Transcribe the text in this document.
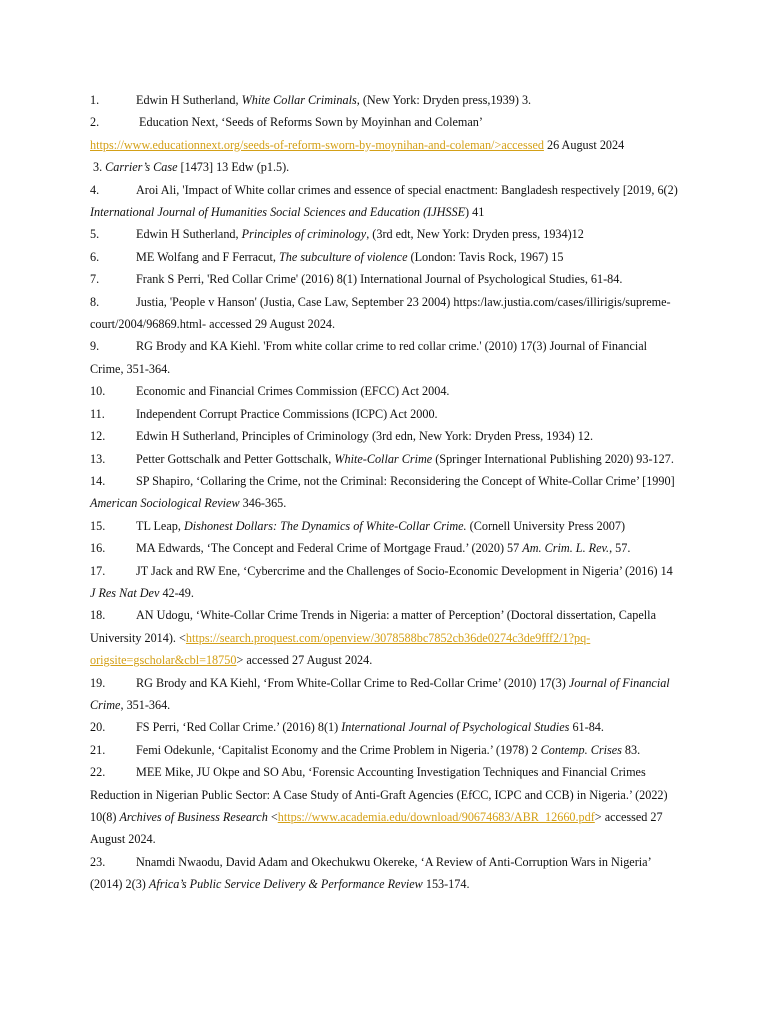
1.	Edwin H Sutherland, White Collar Criminals, (New York: Dryden press,1939) 3.

2.	Education Next, ‘Seeds of Reforms Sown by Moyinhan and Coleman’
https://www.educationnext.org/seeds-of-reform-sworn-by-moynihan-and-coleman/>accessed 26 August 2024

3. Carrier’s Case [1473] 13 Edw (p1.5).

4.	Aroi Ali, 'Impact of White collar crimes and essence of special enactment: Bangladesh respectively [2019, 6(2) International Journal of Humanities Social Sciences and Education (IJHSSE) 41

5.	Edwin H Sutherland, Principles of criminology, (3rd edt, New York: Dryden press, 1934)12

6.	ME Wolfang and F Ferracut, The subculture of violence (London: Tavis Rock, 1967) 15

7.	Frank S Perri, 'Red Collar Crime' (2016) 8(1) International Journal of Psychological Studies, 61-84.

8.	Justia, 'People v Hanson' (Justia, Case Law, September 23 2004) https:/law.justia.com/cases/illirigis/supreme-court/2004/96869.html- accessed 29 August 2024.

9.	RG Brody and KA Kiehl. 'From white collar crime to red collar crime.' (2010) 17(3) Journal of Financial Crime, 351-364.

10.	Economic and Financial Crimes Commission (EFCC) Act 2004.

11.	Independent Corrupt Practice Commissions (ICPC) Act 2000.

12.	Edwin H Sutherland, Principles of Criminology (3rd edn, New York: Dryden Press, 1934) 12.

13.	Petter Gottschalk and Petter Gottschalk, White-Collar Crime (Springer International Publishing 2020) 93-127.

14.	SP Shapiro, ‘Collaring the Crime, not the Criminal: Reconsidering the Concept of White-Collar Crime’ [1990] American Sociological Review 346-365.

15.	TL Leap, Dishonest Dollars: The Dynamics of White-Collar Crime. (Cornell University Press 2007)

16.	MA Edwards, ‘The Concept and Federal Crime of Mortgage Fraud.’ (2020) 57 Am. Crim. L. Rev., 57.

17.	JT Jack and RW Ene, ‘Cybercrime and the Challenges of Socio-Economic Development in Nigeria’ (2016) 14 J Res Nat Dev 42-49.

18.	AN Udogu, ‘White-Collar Crime Trends in Nigeria: a matter of Perception’ (Doctoral dissertation, Capella University 2014). <https://search.proquest.com/openview/3078588bc7852cb36de0274c3de9fff2/1?pq-origsite=gscholar&cbl=18750> accessed 27 August 2024.

19.	RG Brody and KA Kiehl, ‘From White-Collar Crime to Red-Collar Crime’ (2010) 17(3) Journal of Financial Crime, 351-364.

20.	FS Perri, ‘Red Collar Crime.’ (2016) 8(1) International Journal of Psychological Studies 61-84.

21.	Femi Odekunle, ‘Capitalist Economy and the Crime Problem in Nigeria.’ (1978) 2 Contemp. Crises 83.

22.	MEE Mike, JU Okpe and SO Abu, ‘Forensic Accounting Investigation Techniques and Financial Crimes Reduction in Nigerian Public Sector: A Case Study of Anti-Graft Agencies (EfCC, ICPC and CCB) in Nigeria.’ (2022) 10(8) Archives of Business Research <https://www.academia.edu/download/90674683/ABR_12660.pdf> accessed 27 August 2024.

23.	Nnamdi Nwaodu, David Adam and Okechukwu Okereke, ‘A Review of Anti-Corruption Wars in Nigeria’ (2014) 2(3) Africa’s Public Service Delivery & Performance Review 153-174.
